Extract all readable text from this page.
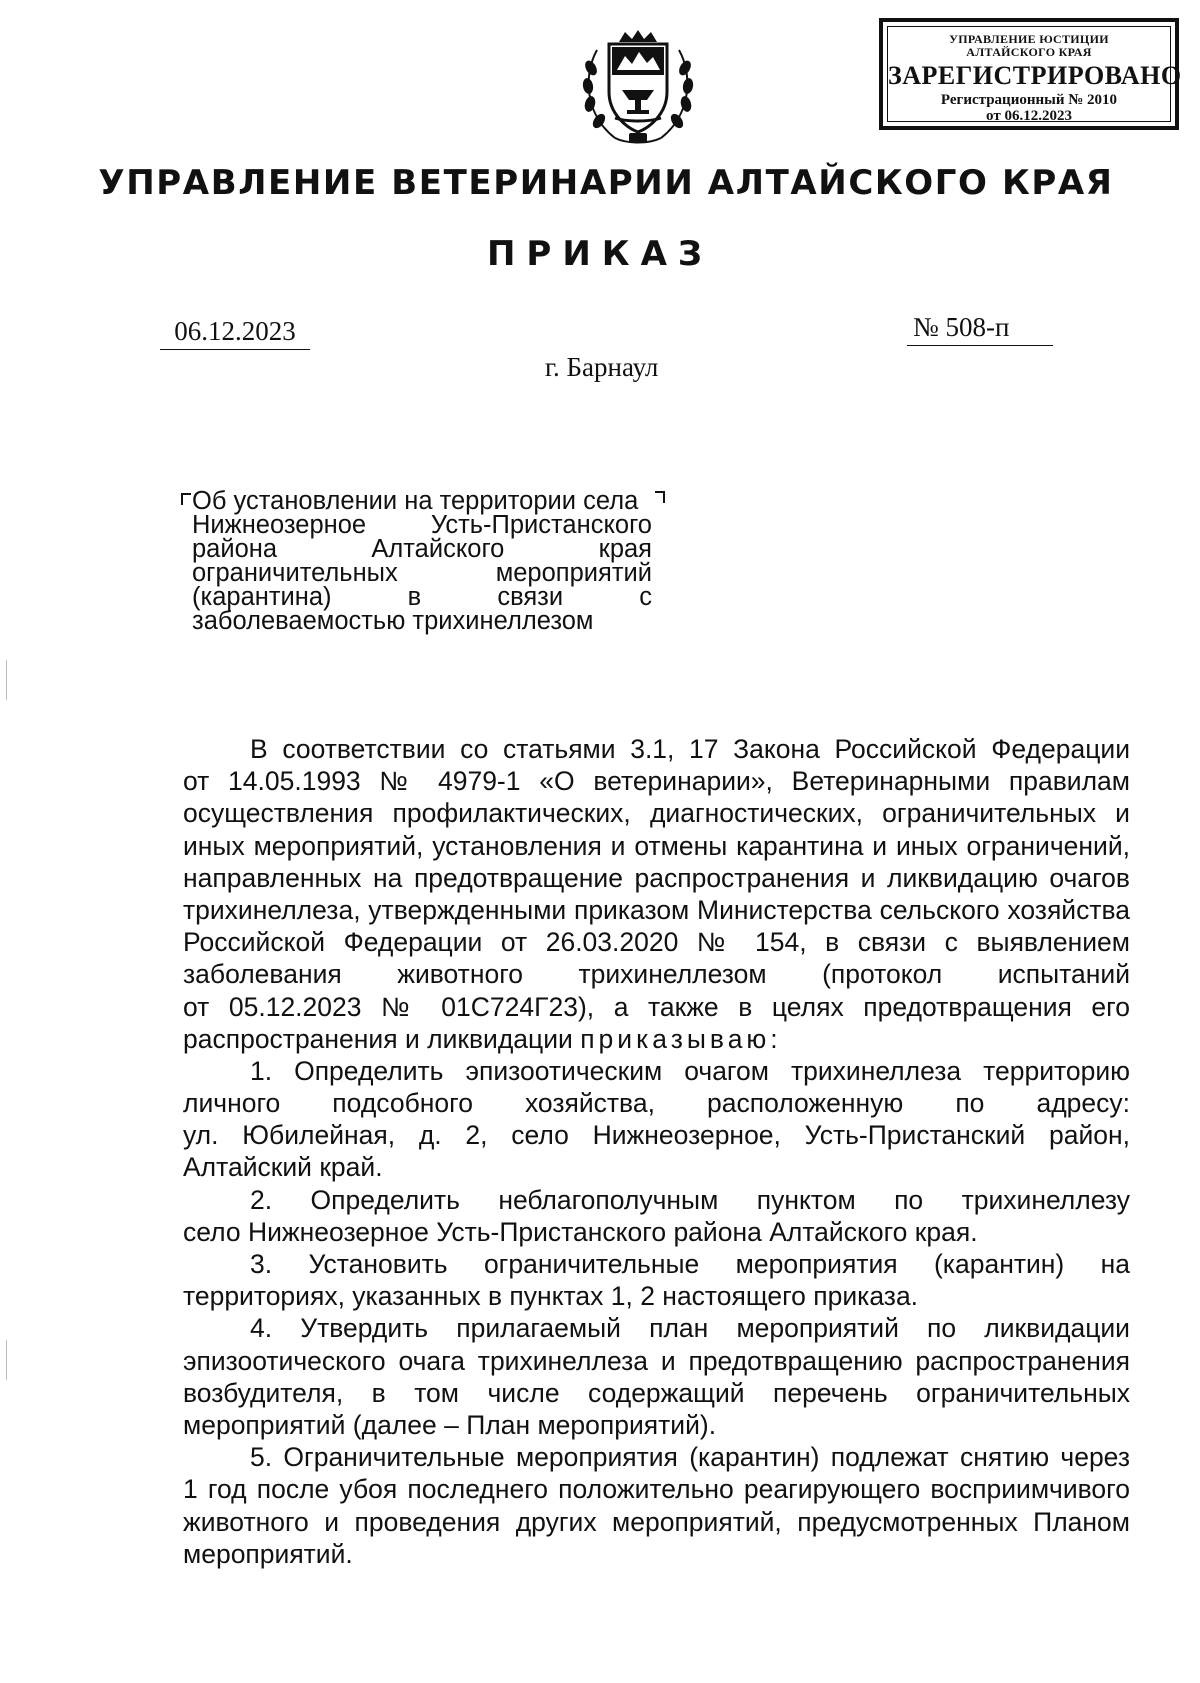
УПРАВЛЕНИЕ ЮСТИЦИИ
АЛТАЙСКОГО КРАЯ
ЗАРЕГИСТРИРОВАНО
Регистрационный № 2010
от 06.12.2023
УПРАВЛЕНИЕ ВЕТЕРИНАРИИ АЛТАЙСКОГО КРАЯ
ПРИКАЗ
06.12.2023	№ 508-п
г. Барнаул

Об установлении на территории села

Нижнеозерное Усть-Пристанского

района Алтайского края

ограничительных мероприятий

(карантина) в связи с

заболеваемостью трихинеллезом

В соответствии со статьями 3.1, 17 Закона Российской Федерации
от 14.05.1993 № 4979-1 «О ветеринарии», Ветеринарными правилам
осуществления профилактических, диагностических, ограничительных и
иных мероприятий, установления и отмены карантина и иных ограничений,
направленных на предотвращение распространения и ликвидацию очагов
трихинеллеза, утвержденными приказом Министерства сельского хозяйства
Российской Федерации от 26.03.2020 № 154, в связи с выявлением
заболевания животного трихинеллезом (протокол испытаний
от 05.12.2023 № 01С724Г23), а также в целях предотвращения его
распространения и ликвидации приказываю:
1. Определить эпизоотическим очагом трихинеллеза территорию
личного подсобного хозяйства, расположенную по адресу:
ул. Юбилейная, д. 2, село Нижнеозерное, Усть-Пристанский район,
Алтайский край.
2. Определить неблагополучным пунктом по трихинеллезу
село Нижнеозерное Усть-Пристанского района Алтайского края.
3. Установить ограничительные мероприятия (карантин) на
территориях, указанных в пунктах 1, 2 настоящего приказа.
4. Утвердить прилагаемый план мероприятий по ликвидации
эпизоотического очага трихинеллеза и предотвращению распространения
возбудителя, в том числе содержащий перечень ограничительных
мероприятий (далее – План мероприятий).
5. Ограничительные мероприятия (карантин) подлежат снятию через
1 год после убоя последнего положительно реагирующего восприимчивого
животного и проведения других мероприятий, предусмотренных Планом
мероприятий.
